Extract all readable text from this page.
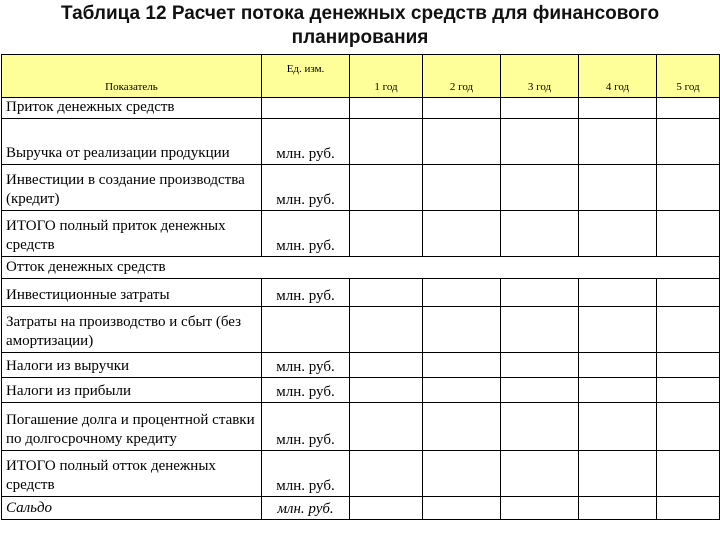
Таблица 12 Расчет потока денежных средств для финансового планирования
Показатель	Ед. изм.	1 год	2 год	3 год	4 год	5 год
Приток денежных средств						
Выручка от реализации продукции	млн. руб.					
Инвестиции в создание производства (кредит)	млн. руб.					
ИТОГО полный приток денежных средств	млн. руб.					
Отток денежных средств						
Инвестиционные затраты	млн. руб.					
Затраты на производство и сбыт (без амортизации)						
Налоги из выручки	млн. руб.					
Налоги из прибыли	млн. руб.					
Погашение долга и процентной ставки по долгосрочному кредиту	млн. руб.					
ИТОГО полный отток денежных средств	млн. руб.					
Сальдо	млн. руб.					
